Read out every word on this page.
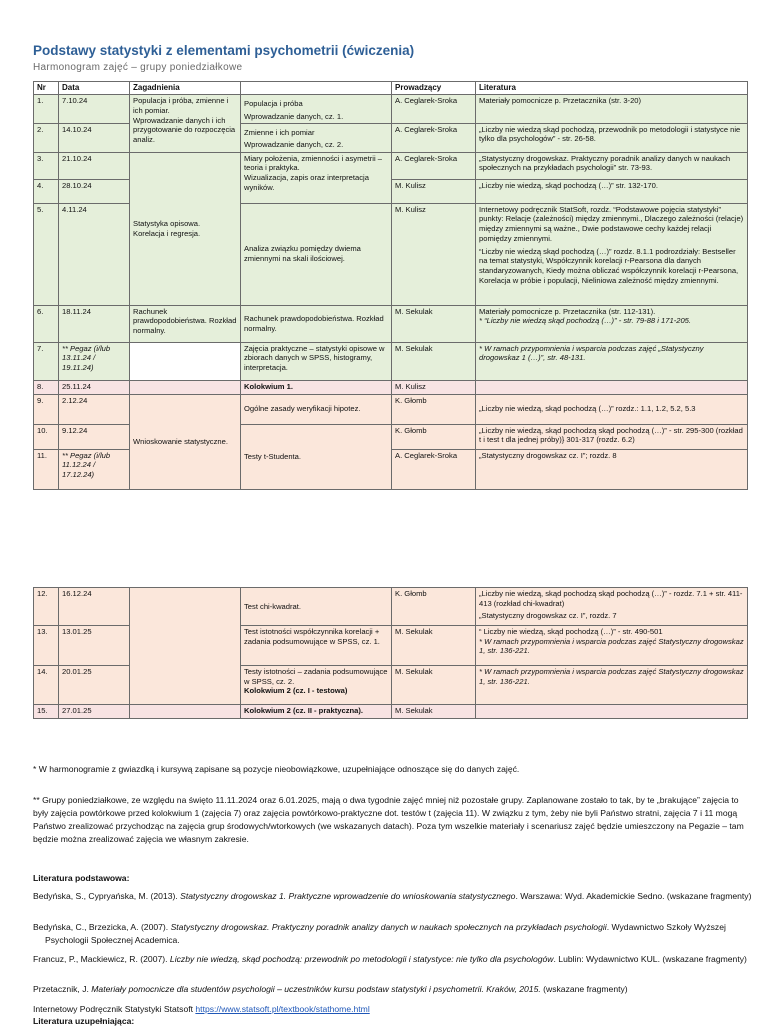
Podstawy statystyki z elementami psychometrii (ćwiczenia)
Harmonogram zajęć – grupy poniedziałkowe
Nr	Data	Zagadnienia		Prowadzący	Literatura
1.	7.10.24	Populacja i próba, zmienne i ich pomiar.
Wprowadzanie danych i ich przygotowanie do rozpoczęcia analiz.	Populacja i próba
Wprowadzanie danych, cz. 1.	A. Ceglarek-Sroka	Materiały pomocnicze p. Przetacznika (str. 3-20)
2.	14.10.24		Zmienne i ich pomiar
Wprowadzanie danych, cz. 2.	A. Ceglarek-Sroka	„Liczby nie wiedzą skąd pochodzą, przewodnik po metodologii i statystyce nie tylko dla psychologów” - str. 26-58.
3.	21.10.24	Statystyka opisowa.
Korelacja i regresja.	Miary położenia, zmienności i asymetrii – teoria i praktyka.
Wizualizacja, zapis oraz interpretacja wyników.	A. Ceglarek-Sroka	„Statystyczny drogowskaz. Praktyczny poradnik analizy danych w naukach społecznych na przykładach psychologii” str. 73-93.
4.	28.10.24			M. Kulisz	„Liczby nie wiedzą, skąd pochodzą (…)” str. 132-170.
5.	4.11.24		Analiza związku pomiędzy dwiema zmiennymi na skali ilościowej.	M. Kulisz	Internetowy podręcznik StatSoft, rozdz. “Podstawowe pojęcia statystyki” punkty: Relacje (zależności) między zmiennymi., Dlaczego zależności (relacje) między zmiennymi są ważne., Dwie podstawowe cechy każdej relacji pomiędzy zmiennymi.
“Liczby nie wiedzą skąd pochodzą (…)” rozdz. 8.1.1 podrozdziały: Bestseller na temat statystyki, Współczynnik korelacji r-Pearsona dla danych standaryzowanych, Kiedy można obliczać współczynnik korelacji r-Pearsona, Korelacja w próbie i populacji, Nieliniowa zależność między zmiennymi.

6.	18.11.24	Rachunek prawdopodobieństwa. Rozkład normalny.	Rachunek prawdopodobieństwa. Rozkład normalny.	M. Sekulak	Materiały pomocnicze p. Przetacznika (str. 112-131).
* “Liczby nie wiedzą skąd pochodzą (…)” - str. 79-88 i 171-205.

7.	** Pegaz (i/lub 13.11.24 / 19.11.24)		Zajęcia praktyczne – statystyki opisowe w zbiorach danych w SPSS, histogramy, interpretacja.	M. Sekulak	* W ramach przypomnienia i wsparcia podczas zajęć „Statystyczny drogowskaz 1 (…)”, str. 48-131.
8.	25.11.24		Kolokwium 1.	M. Kulisz	
9.	2.12.24	Wnioskowanie statystyczne.	Ogólne zasady weryfikacji hipotez.	K. Głomb	„Liczby nie wiedzą, skąd pochodzą (…)” rozdz.: 1.1, 1.2, 5.2, 5.3
10.	9.12.24		Testy t-Studenta.	K. Głomb	„Liczby nie wiedzą, skąd pochodzą skąd pochodzą (…)” - str. 295-300 (rozkład t i test t dla jednej próby)} 301-317 (rozdz. 6.2)
11.	** Pegaz (i/lub 11.12.24 / 17.12.24)			A. Ceglarek-Sroka	„Statystyczny drogowskaz cz. I”; rozdz. 8
12.	16.12.24		Test chi-kwadrat.	K. Głomb	„Liczby nie wiedzą, skąd pochodzą skąd pochodzą (…)” - rozdz. 7.1 + str. 411-413 (rozkład chi-kwadrat)
„Statystyczny drogowskaz cz. I”, rozdz. 7

13.	13.01.25		Test istotności współczynnika korelacji + zadania podsumowujące w SPSS, cz. 1.	M. Sekulak	“ Liczby nie wiedzą, skąd pochodzą (…)” - str. 490-501
* W ramach przypomnienia i wsparcia podczas zajęć Statystyczny drogowskaz 1, str. 136-221.

14.	20.01.25		Testy istotności – zadania podsumowujące w SPSS, cz. 2.
Kolokwium 2 (cz. I - testowa)	M. Sekulak	* W ramach przypomnienia i wsparcia podczas zajęć Statystyczny drogowskaz 1, str. 136-221.
15.	27.01.25		Kolokwium 2 (cz. II - praktyczna).	M. Sekulak	
* W harmonogramie z gwiazdką i kursywą zapisane są pozycje nieobowiązkowe, uzupełniające odnoszące się do danych zajęć.
** Grupy poniedziałkowe, ze względu na święto 11.11.2024 oraz 6.01.2025, mają o dwa tygodnie zajęć mniej niż pozostałe grupy. Zaplanowane zostało to tak, by te „brakujące” zajęcia to były zajęcia powtórkowe przed kolokwium 1 (zajęcia 7) oraz zajęcia powtórkowo-praktyczne dot. testów t (zajęcia 11). W związku z tym, żeby nie byli Państwo stratni, zajęcia 7 i 11 mogą Państwo zrealizować przychodząc na zajęcia grup środowych/wtorkowych (we wskazanych datach). Poza tym wszelkie materiały i scenariusz zajęć będzie umieszczony na Pegazie – tam będzie można zrealizować zajęcia we własnym zakresie.
Literatura podstawowa:
Bedyńska, S., Cypryańska, M. (2013). Statystyczny drogowskaz 1. Praktyczne wprowadzenie do wnioskowania statystycznego. Warszawa: Wyd. Akademickie Sedno. (wskazane fragmenty)
Bedyńska, C., Brzezicka, A. (2007). Statystyczny drogowskaz. Praktyczny poradnik analizy danych w naukach społecznych na przykładach psychologii. Wydawnictwo Szkoły Wyższej Psychologii Społecznej Academica.
Francuz, P., Mackiewicz, R. (2007). Liczby nie wiedzą, skąd pochodzą: przewodnik po metodologii i statystyce: nie tylko dla psychologów. Lublin: Wydawnictwo KUL. (wskazane fragmenty)
Przetacznik, J. Materiały pomocnicze dla studentów psychologii – uczestników kursu podstaw statystyki i psychometrii. Kraków, 2015. (wskazane fragmenty)
Internetowy Podręcznik Statystyki Statsoft https://www.statsoft.pl/textbook/stathome.html
Literatura uzupełniająca:
